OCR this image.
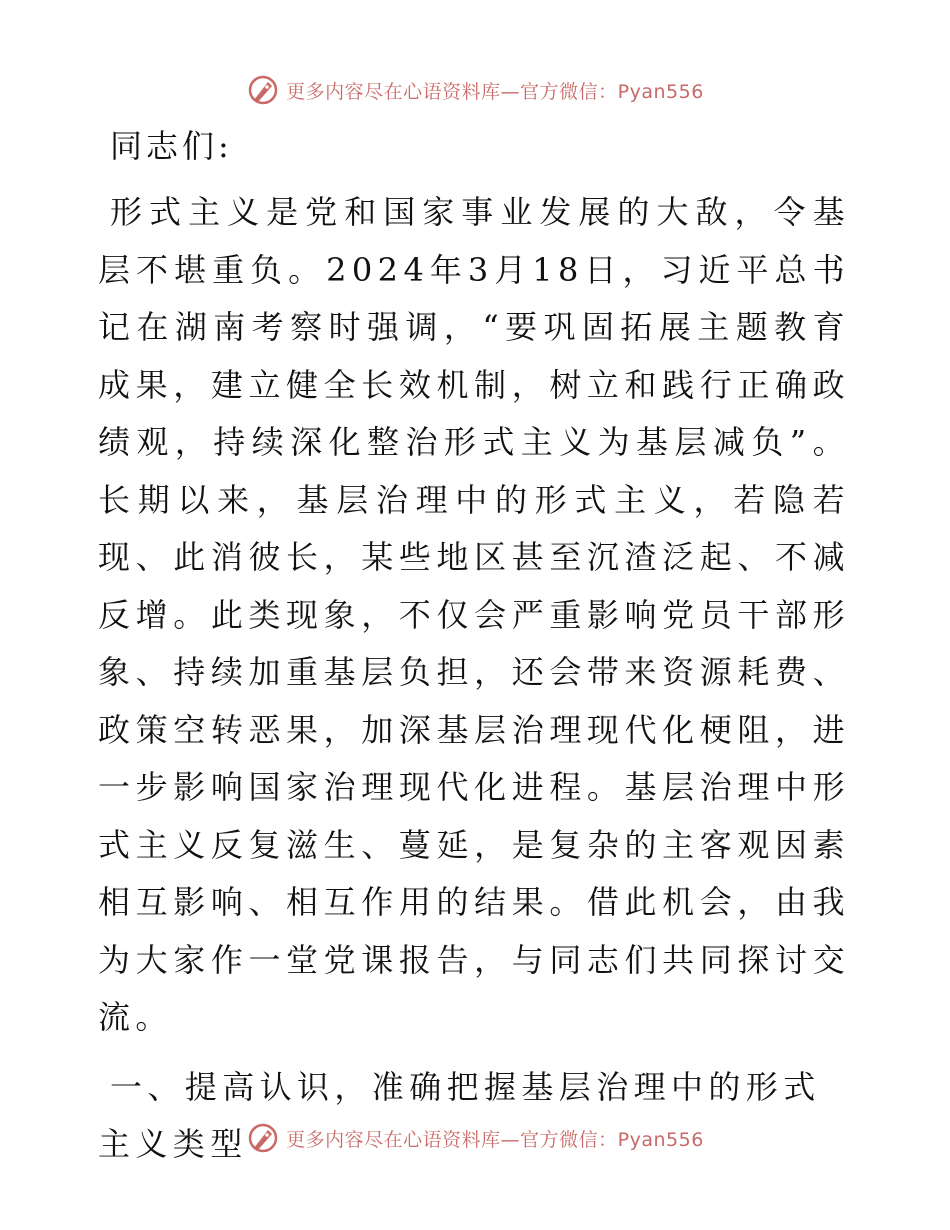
更多内容尽在心语资料库—官方微信：Pyan556

同志们:

形式主义是党和国家事业发展的大敌，令基层不堪重负。2024年3月18日，习近平总书记在湖南考察时强调，“要巩固拓展主题教育成果，建立健全长效机制，树立和践行正确政绩观，持续深化整治形式主义为基层减负”。长期以来，基层治理中的形式主义，若隐若现、此消彼长，某些地区甚至沉渣泛起、不减反增。此类现象，不仅会严重影响党员干部形象、持续加重基层负担，还会带来资源耗费、政策空转恶果，加深基层治理现代化梗阻，进一步影响国家治理现代化进程。基层治理中形式主义反复滋生、蔓延，是复杂的主客观因素相互影响、相互作用的结果。借此机会，由我为大家作一堂党课报告，与同志们共同探讨交流。

一、提高认识，准确把握基层治理中的形式主义类型	更多内容尽在心语资料库—官方微信：Pyan556
